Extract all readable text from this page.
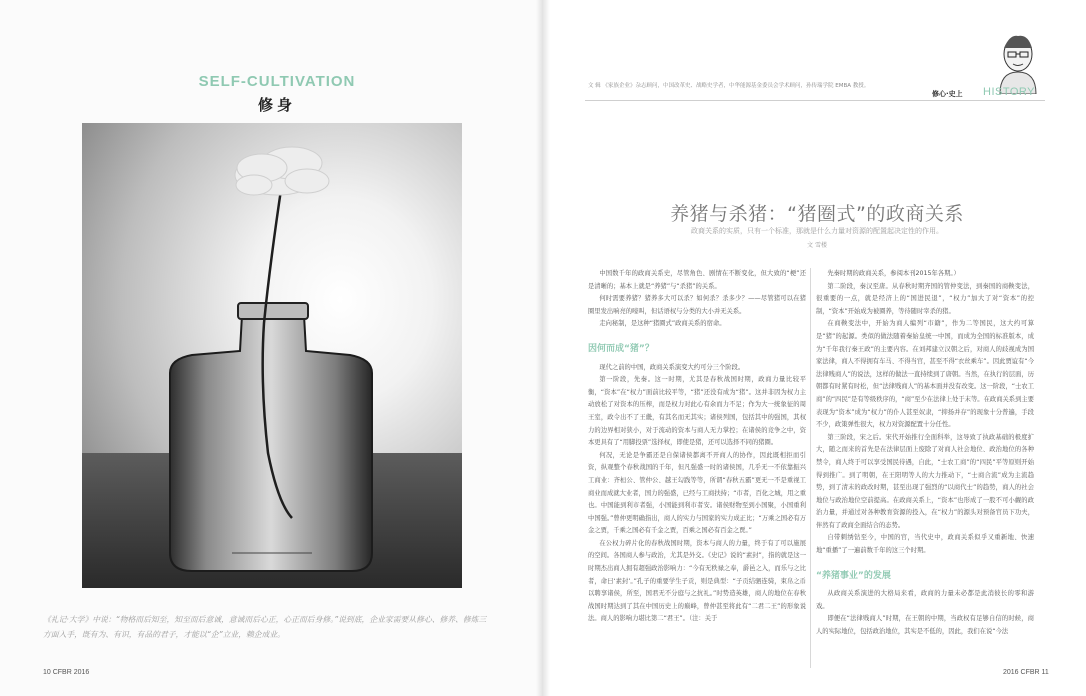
SELF-CULTIVATION
修身
《礼记·大学》中说：“物格而后知至，知至而后意诚，意诚而后心正，心正而后身修。”说到底，企业家需要从修心、修养、修炼三方面入手，既有为、有识，有品的君子，才能以“企”立业，赖企成业。
10 CFBR 2016
文 辑 《家族企业》杂志顾问，中国改革史、战略史学者，中华能源基金委员会学术顾问，孙传瑞学院 EMBA 教授。
修心·史上 HISTORY
养猪与杀猪：“猪圈式”的政商关系
政商关系的实质，只有一个标准，那就是什么力量对资源的配置起决定性的作用。
文 雪楼

中国数千年的政商关系史，尽管角色、剧情在不断变化，但大致的“梗”还是清晰的；基本上就是“养猪”与“杀猪”的关系。

何时需要养猪？猪养多大可以杀？如何杀？杀多少？——尽管猪可以在猪圈里发出响亮的嚎叫，但话语权与分类的大小并无关系。

走向秘制，是这种“猪圈式”政商关系的宿命。

因何而成“猪”？

现代之前的中国，政商关系演变大约可分三个阶段。

第一阶段，先秦。这一时期，尤其是春秋战国时期，政商力量比较平衡，“资本”在“权力”面前比较平等，“猪”还没有成为“猪”。这并非因为权力主动放松了对资本的压榨，而是权力对此心有余而力不足；作为大一统象征的周王室，政令出不了王畿，有其名而无其实；诸侯列国，包括其中的强国，其权力的边界相对狭小，对于流动的资本与商人无力掌控；在诸侯的竞争之中，资本更具有了“用脚投票”选择权，即使是猪，还可以选择不同的猪圈。

何况，无论是争霸还是自保诸侯都离不开商人的协作，因此既相拒而引资，纵观整个春秋战国的千年，但凡强盛一时的诸侯国，几乎无一不依靠振兴工商业：齐桓公、管仲公、越王勾践等等，所谓“春秋五霸”更无一不是重视工商业而成就大业者，国力的强盛，已经与工商扶持；“市者，百化之城，用之重也。中国能到利市者强，小国能到利市者安。诸侯财物至到小国聚，小国重利中国强。”曾仲更明确指出，商人的实力与国家的实力成正比；“万乘之国必有万金之贾，千乘之国必有千金之贾，百乘之国必有百金之贾。”

在公权力碎片化的春秋战国时期，资本与商人的力量，终于有了可以施展的空间。各国商人参与政治，尤其是外交。《史记》说的“素封”，指的就是这一时期杰出商人拥有超强政治影响力：“今有无秩禄之奉，爵邑之入，而乐与之比者，命曰‘素封’。”孔子的重要学生子贡，则是典型：“子贡结驷连骑，束帛之币以聘享诸侯，所至，国君无不分庭与之抗礼。”时势造英雄，商人的地位在春秋战国时期达到了其在中国历史上的巅峰，曾仲甚至将此有“二君二王”的形象说法。商人的影响力堪比第二“君王”。（注：关于

先秦时期的政商关系，参阅本刊2015年各期。）

第二阶段，秦汉至唐。从春秋时期齐国的管仲变法，到秦国的商鞅变法，很重要的一点，就是经济上的“国进民退”，“权力”加大了对“资本”的控制，“资本”开始成为被圈养，等待随时宰杀的猪。

在商鞅变法中，开始为商人编列“市籍”，作为二等国民，这大约可算是“猪”的起源。类似的做法随着秦始皇统一中国，而成为全国的标准版本，成为“千年我行秦王政”的主要内容。在刘邦建立汉朝之后，对商人的歧视成为国家法律，商人不得拥有车马、不得当官，甚至不得“衣丝乘车”。因此贾谊有“今法律贱商人”的说法，这样的做法一直持续到了唐朝。当然，在执行的层面，历朝都有时紧有时松，但“法律贱商人”的基本面并没有改变。这一阶段，“士农工商”的“四民”是有等级秩序的，“商”至少在法律上处于末等。在政商关系到主要表现为“资本”成为“权力”的仆人甚至奴隶，“抑扬并存”的现象十分普遍，手段不少，政策弹性很大，权力对资源配置十分任性。

第三阶段，宋之后。宋代开始推行全面科举，这导致了执政基础的极度扩大，随之而来的首先是在法律层面上废除了对商人社会地位、政治地位的各种禁令，商人终于可以享受国民待遇，自此，“士农工商”的“四民”平等原则开始得到推广。到了明朝，在王阳明等人的大力推动下，“士商合流”成为主流趋势，到了清末的政改时期，甚至出现了强烈的“以商代士”的趋势，商人的社会地位与政治地位空前提高。在政商关系上，“资本”也形成了一股不可小觑的政治力量，并通过对各种教育资源的投入，在“权力”的源头对预备官员下功夫，伴然有了政商全面结合的态势。

自带刺绣钻至今，中国的官，当代史中，政商关系似乎又重新地、快速地“重播”了一遍前数千年的这三个时期。

“养猪事业”的发展

从政商关系演进的大格局来看，政商的力量未必都是此消彼长的零和游戏。

即便在“法律贱商人”时期，在王朝的中期，当政权有足够自信的时候，商人的实际地位，包括政治地位，其实是不低的，因此，我们在说“今法

2016 CFBR 11
